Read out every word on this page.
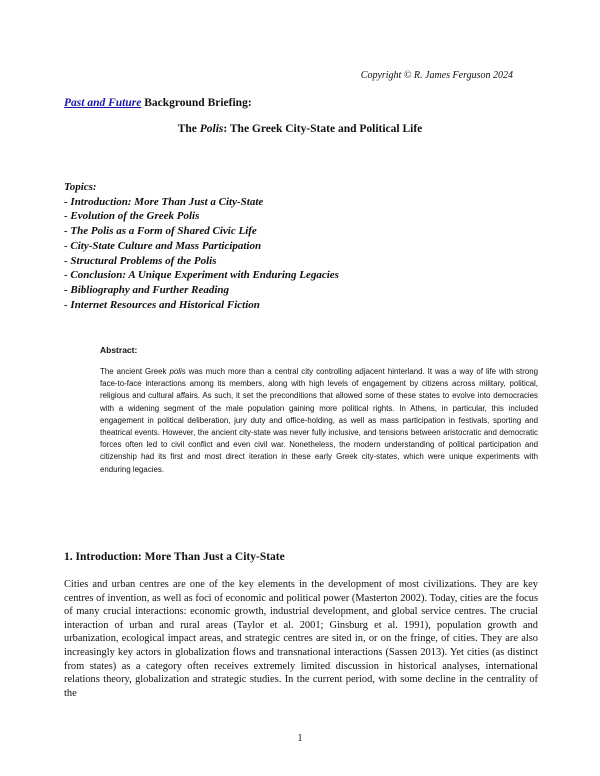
Copyright © R. James Ferguson 2024
Past and Future Background Briefing:
The Polis: The Greek City-State and Political Life
Topics:
- Introduction: More Than Just a City-State
- Evolution of the Greek Polis
- The Polis as a Form of Shared Civic Life
- City-State Culture and Mass Participation
- Structural Problems of the Polis
- Conclusion: A Unique Experiment with Enduring Legacies
- Bibliography and Further Reading
- Internet Resources and Historical Fiction
Abstract:
The ancient Greek polis was much more than a central city controlling adjacent hinterland. It was a way of life with strong face-to-face interactions among its members, along with high levels of engagement by citizens across military, political, religious and cultural affairs. As such, it set the preconditions that allowed some of these states to evolve into democracies with a widening segment of the male population gaining more political rights. In Athens, in particular, this included engagement in political deliberation, jury duty and office-holding, as well as mass participation in festivals, sporting and theatrical events. However, the ancient city-state was never fully inclusive, and tensions between aristocratic and democratic forces often led to civil conflict and even civil war. Nonetheless, the modern understanding of political participation and citizenship had its first and most direct iteration in these early Greek city-states, which were unique experiments with enduring legacies.
1. Introduction: More Than Just a City-State
Cities and urban centres are one of the key elements in the development of most civilizations. They are key centres of invention, as well as foci of economic and political power (Masterton 2002). Today, cities are the focus of many crucial interactions: economic growth, industrial development, and global service centres. The crucial interaction of urban and rural areas (Taylor et al. 2001; Ginsburg et al. 1991), population growth and urbanization, ecological impact areas, and strategic centres are sited in, or on the fringe, of cities. They are also increasingly key actors in globalization flows and transnational interactions (Sassen 2013). Yet cities (as distinct from states) as a category often receives extremely limited discussion in historical analyses, international relations theory, globalization and strategic studies. In the current period, with some decline in the centrality of the
1
